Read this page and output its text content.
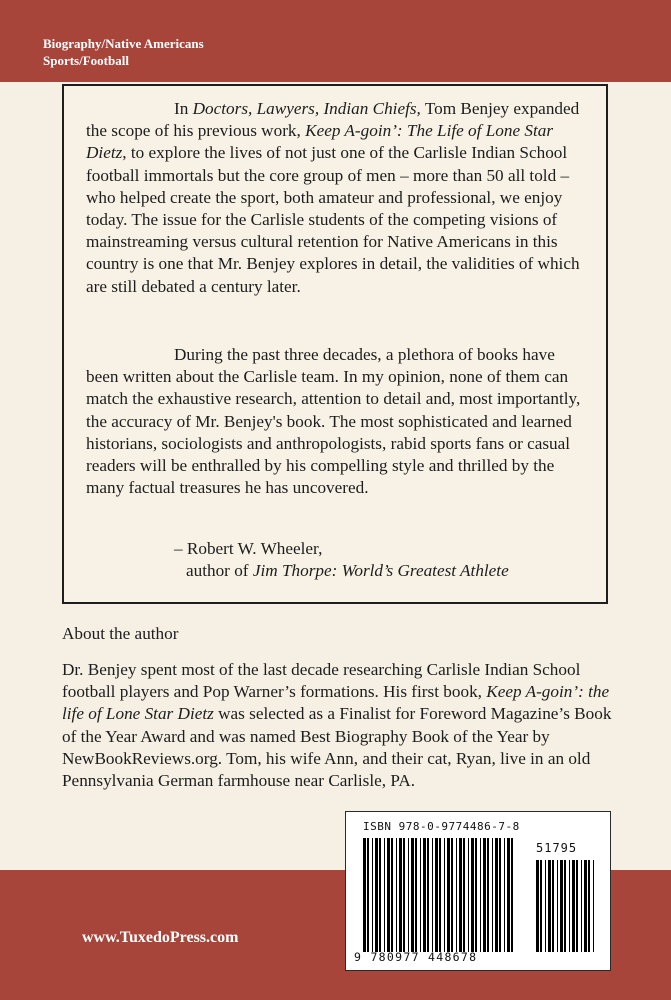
Biography/Native Americans
Sports/Football

In Doctors, Lawyers, Indian Chiefs, Tom Benjey expanded the scope of his previous work, Keep A-goin’: The Life of Lone Star Dietz, to explore the lives of not just one of the Carlisle Indian School football immortals but the core group of men – more than 50 all told – who helped create the sport, both amateur and professional, we enjoy today. The issue for the Carlisle students of the competing visions of mainstreaming versus cultural retention for Native Americans in this country is one that Mr. Benjey explores in detail, the validities of which are still debated a century later.

During the past three decades, a plethora of books have been written about the Carlisle team. In my opinion, none of them can match the exhaustive research, attention to detail and, most importantly, the accuracy of Mr. Benjey's book. The most sophisticated and learned historians, sociologists and anthropologists, rabid sports fans or casual readers will be enthralled by his compelling style and thrilled by the many factual treasures he has uncovered.

– Robert W. Wheeler,
author of Jim Thorpe: World’s Greatest Athlete
About the author

Dr. Benjey spent most of the last decade researching Carlisle Indian School football players and Pop Warner’s formations. His first book, Keep A-goin’: the life of Lone Star Dietz was selected as a Finalist for Foreword Magazine’s Book of the Year Award and was named Best Biography Book of the Year by NewBookReviews.org. Tom, his wife Ann, and their cat, Ryan, live in an old Pennsylvania German farmhouse near Carlisle, PA.

www.TuxedoPress.com
ISBN 978-0-9774486-7-8
51795
9 780977 448678
